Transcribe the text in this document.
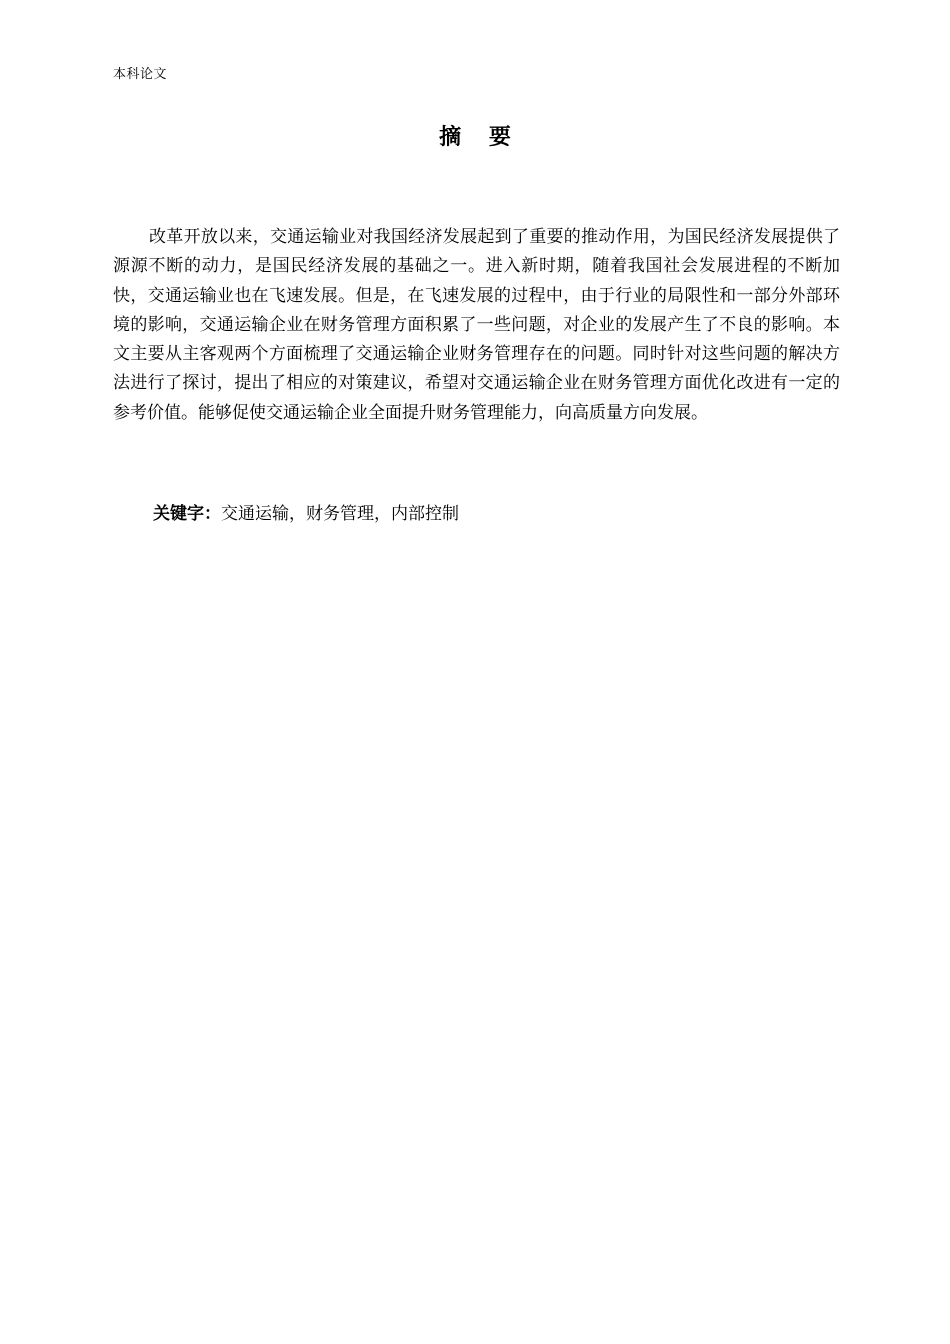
本科论文
摘 要

改革开放以来，交通运输业对我国经济发展起到了重要的推动作用，为国民经济发展提供了源源不断的动力，是国民经济发展的基础之一。进入新时期，随着我国社会发展进程的不断加快，交通运输业也在飞速发展。但是，在飞速发展的过程中，由于行业的局限性和一部分外部环境的影响，交通运输企业在财务管理方面积累了一些问题，对企业的发展产生了不良的影响。本文主要从主客观两个方面梳理了交通运输企业财务管理存在的问题。同时针对这些问题的解决方法进行了探讨，提出了相应的对策建议，希望对交通运输企业在财务管理方面优化改进有一定的参考价值。能够促使交通运输企业全面提升财务管理能力，向高质量方向发展。

关键字：交通运输，财务管理，内部控制
